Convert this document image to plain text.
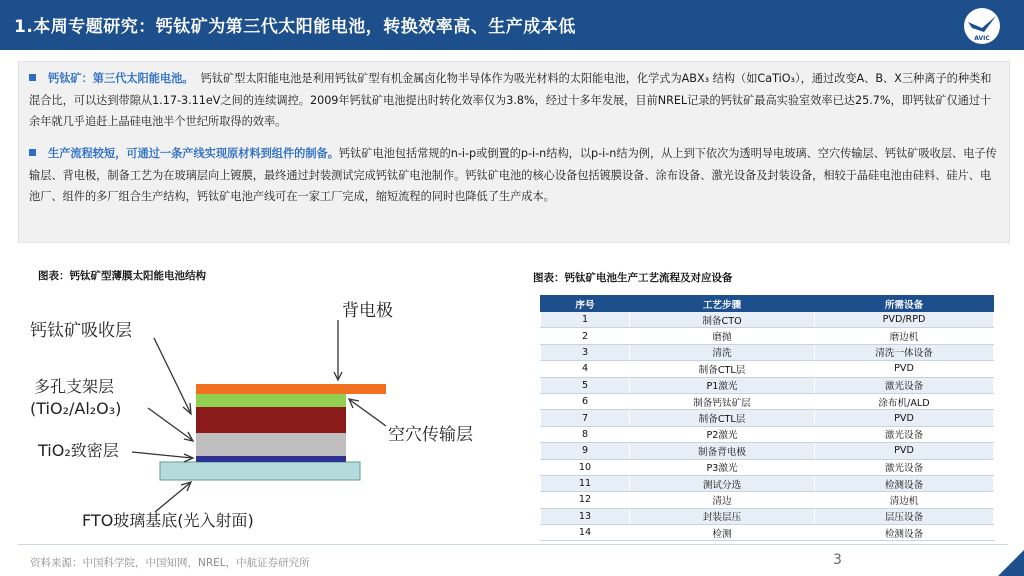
1.本周专题研究：钙钛矿为第三代太阳能电池，转换效率高、生产成本低
AVIC
钙钛矿：第三代太阳能电池。 钙钛矿型太阳能电池是利用钙钛矿型有机金属卤化物半导体作为吸光材料的太阳能电池，化学式为ABX₃ 结构（如CaTiO₃），通过改变A、B、X三种离子的种类和混合比，可以达到带隙从1.17-3.11eV之间的连续调控。2009年钙钛矿电池提出时转化效率仅为3.8%，经过十多年发展，目前NREL记录的钙钛矿最高实验室效率已达25.7%，即钙钛矿仅通过十余年就几乎追赶上晶硅电池半个世纪所取得的效率。
生产流程较短，可通过一条产线实现原材料到组件的制备。钙钛矿电池包括常规的n-i-p或倒置的p-i-n结构，以p-i-n结为例，从上到下依次为透明导电玻璃、空穴传输层、钙钛矿吸收层、电子传输层、背电极，制备工艺为在玻璃层向上镀膜，最终通过封装测试完成钙钛矿电池制作。钙钛矿电池的核心设备包括镀膜设备、涂布设备、激光设备及封装设备，相较于晶硅电池由硅料、硅片、电池厂、组件的多厂组合生产结构，钙钛矿电池产线可在一家工厂完成，缩短流程的同时也降低了生产成本。
图表：钙钛矿型薄膜太阳能电池结构
背电极
钙钛矿吸收层
多孔支架层
(TiO₂/Al₂O₃)
空穴传输层
TiO₂致密层
FTO玻璃基底(光入射面)
图表：钙钛矿电池生产工艺流程及对应设备
序号	工艺步骤	所需设备
1	制备CTO	PVD/RPD
2	磨抛	磨边机
3	清洗	清洗一体设备
4	制备CTL层	PVD
5	P1激光	激光设备
6	制备钙钛矿层	涂布机/ALD
7	制备CTL层	PVD
8	P2激光	激光设备
9	制备背电极	PVD
10	P3激光	激光设备
11	测试分选	检测设备
12	清边	清边机
13	封装层压	层压设备
14	检测	检测设备
资料来源：中国科学院，中国知网，NREL，中航证券研究所	3
